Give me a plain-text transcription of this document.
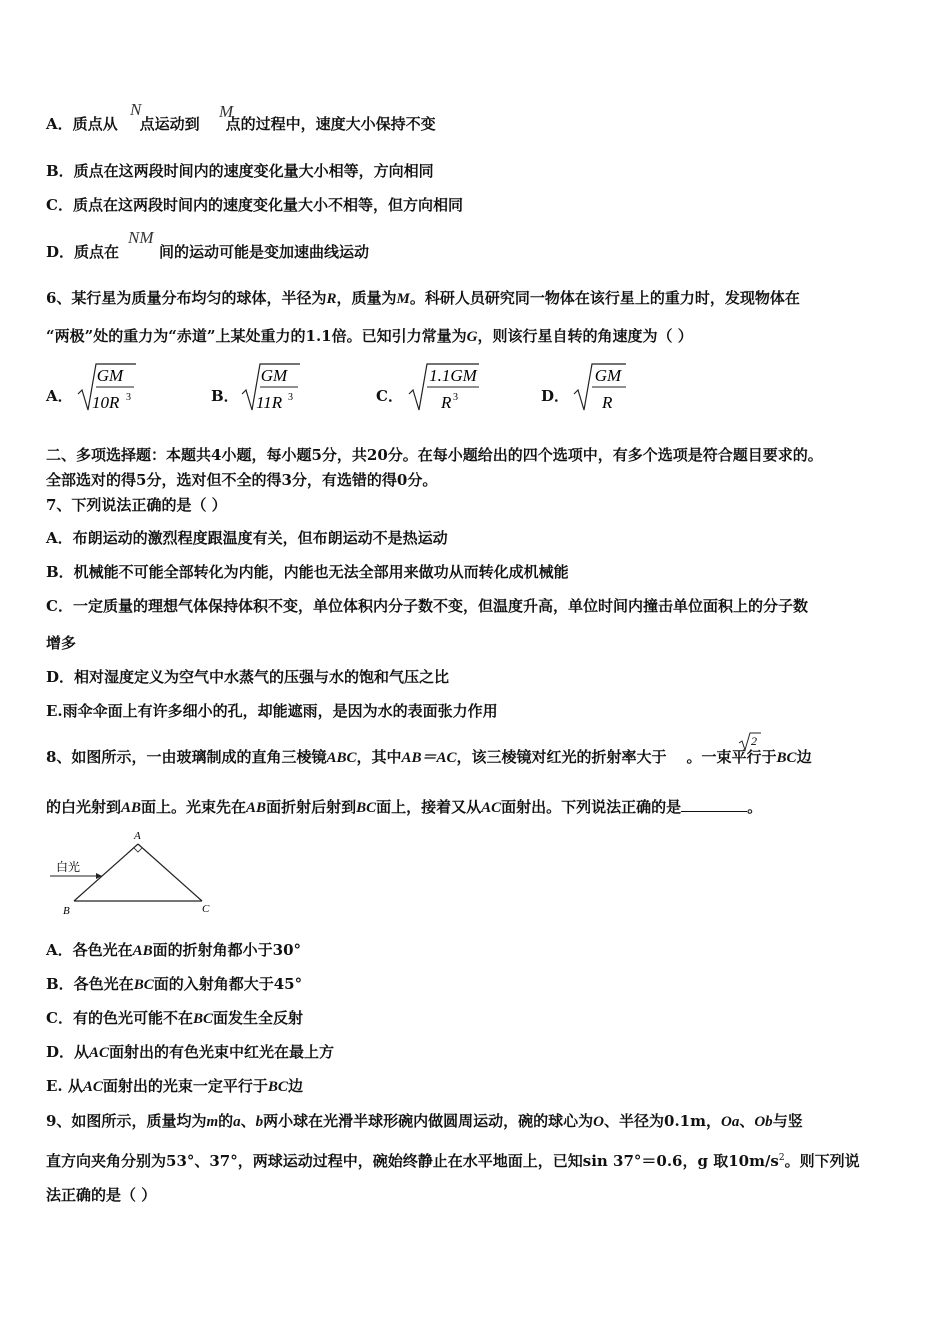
A．质点从 点运动到 点的过程中，速度大小保持不变
N	M
B．质点在这两段时间内的速度变化量大小相等，方向相同
C．质点在这两段时间内的速度变化量大小不相等，但方向相同
D．质点在	间的运动可能是变加速曲线运动
NM
6、某行星为质量分布均匀的球体，半径为R，质量为M。科研人员研究同一物体在该行星上的重力时，发现物体在
“两极”处的重力为“赤道”上某处重力的1.1倍。已知引力常量为G，则该行星自转的角速度为（ ）
A．
GM
10R 3	B．
GM
11R 3	C．
1.1GM
R 3	D．
GM
R
二、多项选择题：本题共4小题，每小题5分，共20分。在每小题给出的四个选项中，有多个选项是符合题目要求的。
全部选对的得5分，选对但不全的得3分，有选错的得0分。
7、下列说法正确的是（ ）
A．布朗运动的激烈程度跟温度有关，但布朗运动不是热运动
B．机械能不可能全部转化为内能，内能也无法全部用来做功从而转化成机械能
C．一定质量的理想气体保持体积不变，单位体积内分子数不变，但温度升高，单位时间内撞击单位面积上的分子数
增多
D．相对湿度定义为空气中水蒸气的压强与水的饱和气压之比
E.雨伞伞面上有许多细小的孔，却能遮雨，是因为水的表面张力作用
8、如图所示，一由玻璃制成的直角三棱镜ABC，其中AB＝AC，该三棱镜对红光的折射率大于 。一束平行于BC边
2
的白光射到AB面上。光束先在AB面折射后射到BC面上，接着又从AC面射出。下列说法正确的是	。
白光
A
B	C
A．各色光在AB面的折射角都小于30°
B．各色光在BC面的入射角都大于45°
C．有的色光可能不在BC面发生全反射
D．从AC面射出的有色光束中红光在最上方
E. 从AC面射出的光束一定平行于BC边
9、如图所示，质量均为m的a、b两小球在光滑半球形碗内做圆周运动，碗的球心为O、半径为0.1m，Oa、Ob与竖
直方向夹角分别为53°、37°，两球运动过程中，碗始终静止在水平地面上，已知sin 37°＝0.6，g 取$10m/s^2$。则下列说
法正确的是（ ）
